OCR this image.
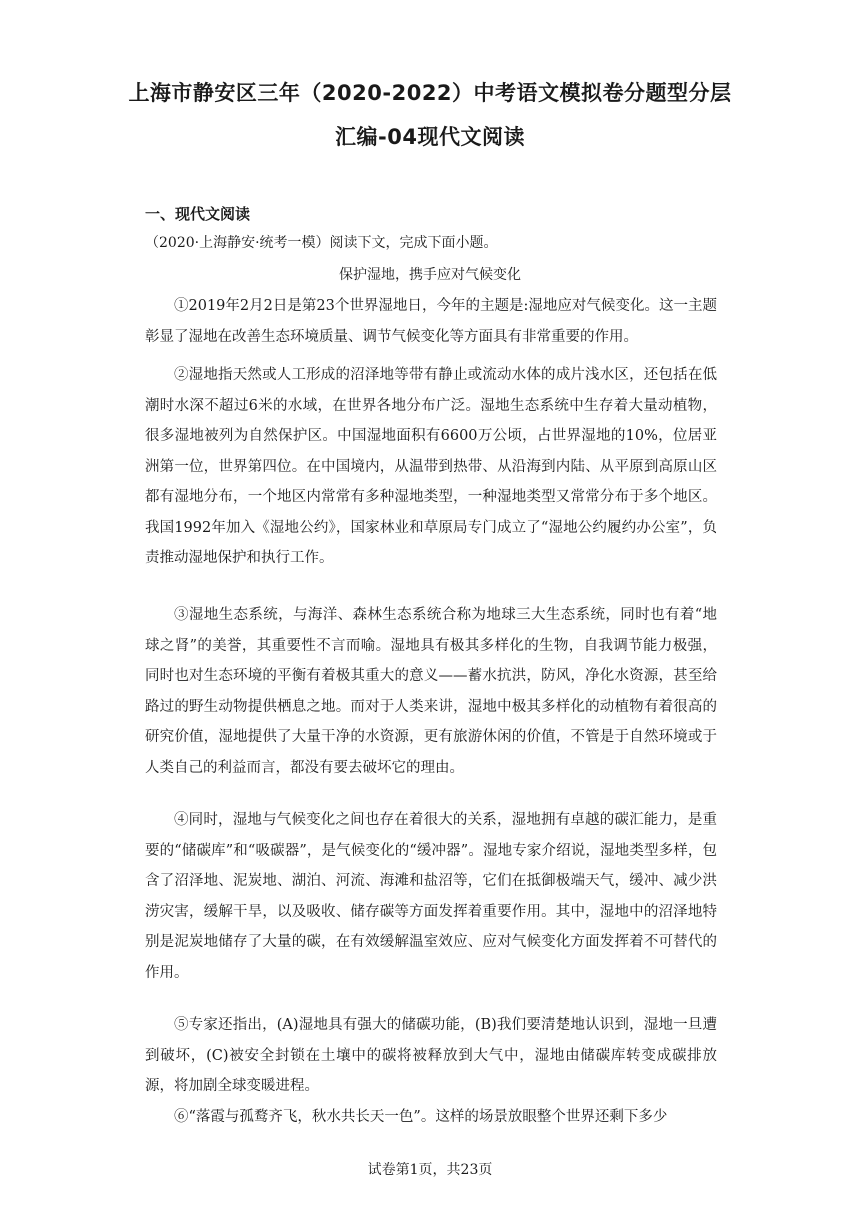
上海市静安区三年（2020-2022）中考语文模拟卷分题型分层
汇编-04现代文阅读
一、现代文阅读
（2020·上海静安·统考一模）阅读下文，完成下面小题。
保护湿地，携手应对气候变化

①2019年2月2日是第23个世界湿地日，今年的主题是:湿地应对气候变化。这一主题彰显了湿地在改善生态环境质量、调节气候变化等方面具有非常重要的作用。

②湿地指天然或人工形成的沼泽地等带有静止或流动水体的成片浅水区，还包括在低潮时水深不超过6米的水域，在世界各地分布广泛。湿地生态系统中生存着大量动植物，很多湿地被列为自然保护区。中国湿地面积有6600万公顷，占世界湿地的10%，位居亚洲第一位，世界第四位。在中国境内，从温带到热带、从沿海到内陆、从平原到高原山区都有湿地分布，一个地区内常常有多种湿地类型，一种湿地类型又常常分布于多个地区。我国1992年加入《湿地公约》，国家林业和草原局专门成立了“湿地公约履约办公室”，负责推动湿地保护和执行工作。

③湿地生态系统，与海洋、森林生态系统合称为地球三大生态系统，同时也有着“地球之肾”的美誉，其重要性不言而喻。湿地具有极其多样化的生物，自我调节能力极强，同时也对生态环境的平衡有着极其重大的意义——蓄水抗洪，防风，净化水资源，甚至给路过的野生动物提供栖息之地。而对于人类来讲，湿地中极其多样化的动植物有着很高的研究价值，湿地提供了大量干净的水资源，更有旅游休闲的价值，不管是于自然环境或于人类自己的利益而言，都没有要去破坏它的理由。

④同时，湿地与气候变化之间也存在着很大的关系，湿地拥有卓越的碳汇能力，是重要的“储碳库”和“吸碳器”，是气候变化的“缓冲器”。湿地专家介绍说，湿地类型多样，包含了沼泽地、泥炭地、湖泊、河流、海滩和盐沼等，它们在抵御极端天气，缓冲、减少洪涝灾害，缓解干旱，以及吸收、储存碳等方面发挥着重要作用。其中，湿地中的沼泽地特别是泥炭地储存了大量的碳，在有效缓解温室效应、应对气候变化方面发挥着不可替代的作用。

⑤专家还指出，(A)湿地具有强大的储碳功能，(B)我们要清楚地认识到，湿地一旦遭到破坏，(C)被安全封锁在土壤中的碳将被释放到大气中，湿地由储碳库转变成碳排放源，将加剧全球变暖进程。

⑥“落霞与孤鹜齐飞，秋水共长天一色”。这样的场景放眼整个世界还剩下多少

试卷第1页，共23页
